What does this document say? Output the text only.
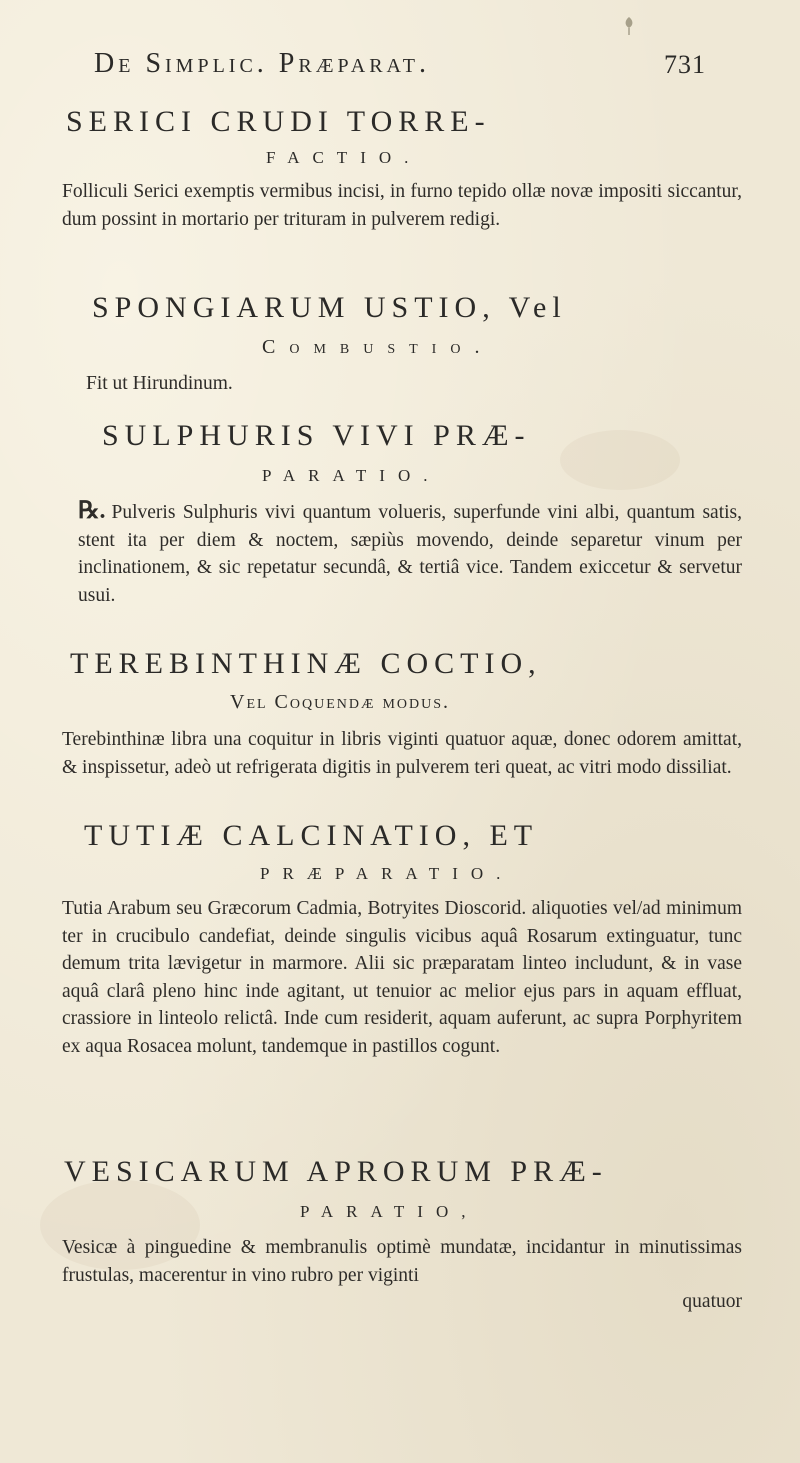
De Simplic. Præparat.	731
SERICI CRUDI TORRE-

FACTIO.

Folliculi Serici exemptis vermibus incisi, in furno tepido ollæ novæ impositi siccantur, dum possint in mortario per trituram in pulverem redigi.

SPONGIARUM USTIO, Vel

Combustio.

Fit ut Hirundinum.

SULPHURIS VIVI PRÆ-

PARATIO.

℞. Pulveris Sulphuris vivi quantum volueris, superfunde vini albi, quantum satis, stent ita per diem & noctem, sæpiùs movendo, deinde separetur vinum per inclinationem, & sic repetatur secundâ, & tertiâ vice. Tandem exiccetur & servetur usui.

TEREBINTHINÆ COCTIO,

Vel Coquendæ modus.

Terebinthinæ libra una coquitur in libris viginti quatuor aquæ, donec odorem amittat, & inspissetur, adeò ut refrigerata digitis in pulverem teri queat, ac vitri modo dissiliat.

TUTIÆ CALCINATIO, ET

PRÆPARATIO.

Tutia Arabum seu Græcorum Cadmia, Botryites Dioscorid. aliquoties vel/ad minimum ter in crucibulo candefiat, deinde singulis vicibus aquâ Rosarum extinguatur, tunc demum trita lævigetur in marmore. Alii sic præparatam linteo includunt, & in vase aquâ clarâ pleno hinc inde agitant, ut tenuior ac melior ejus pars in aquam effluat, crassiore in linteolo relictâ. Inde cum residerit, aquam auferunt, ac supra Porphyritem ex aqua Rosacea molunt, tandemque in pastillos cogunt.

VESICARUM APRORUM PRÆ-

PARATIO,

Vesicæ à pinguedine & membranulis optimè mundatæ, incidantur in minutissimas frustulas, macerentur in vino rubro per viginti

quatuor
